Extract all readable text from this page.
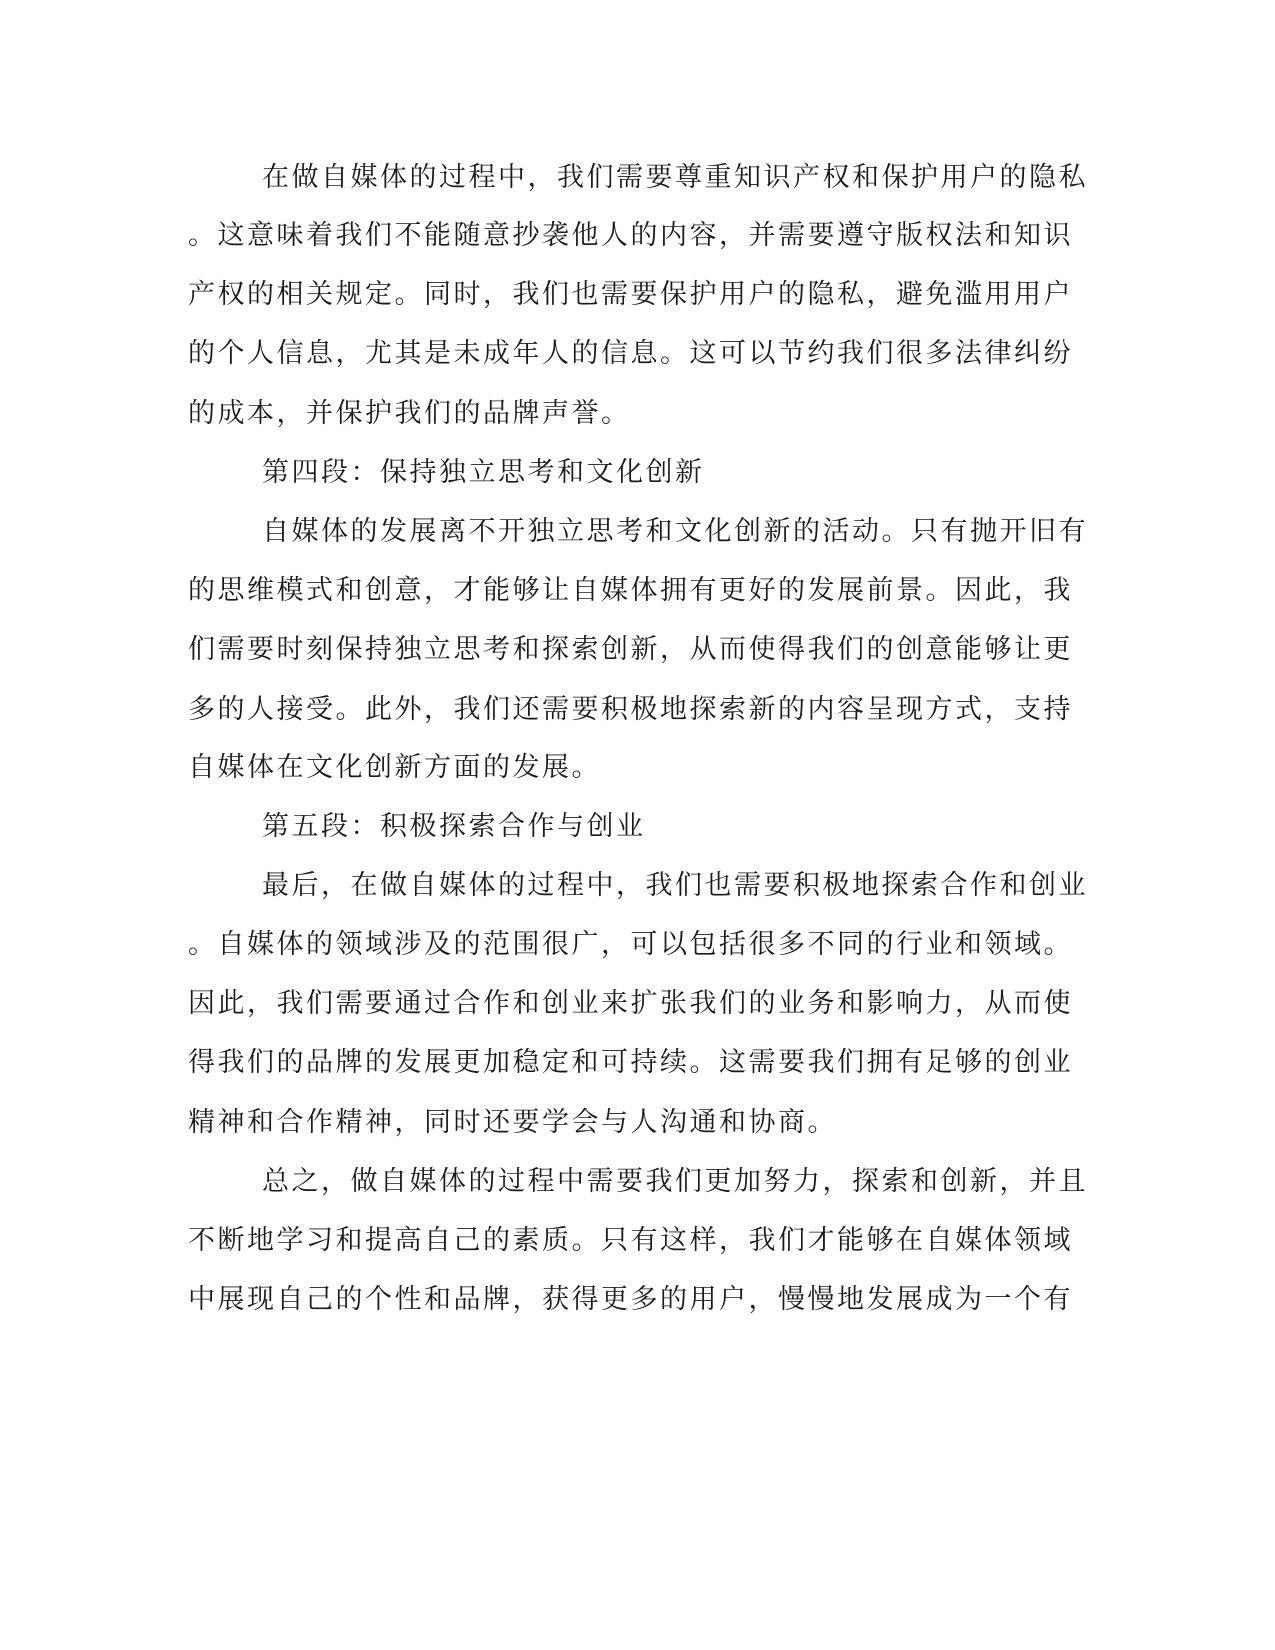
在做自媒体的过程中，我们需要尊重知识产权和保护用户的隐私
。这意味着我们不能随意抄袭他人的内容，并需要遵守版权法和知识
产权的相关规定。同时，我们也需要保护用户的隐私，避免滥用用户
的个人信息，尤其是未成年人的信息。这可以节约我们很多法律纠纷
的成本，并保护我们的品牌声誉。
第四段：保持独立思考和文化创新
自媒体的发展离不开独立思考和文化创新的活动。只有抛开旧有
的思维模式和创意，才能够让自媒体拥有更好的发展前景。因此，我
们需要时刻保持独立思考和探索创新，从而使得我们的创意能够让更
多的人接受。此外，我们还需要积极地探索新的内容呈现方式，支持
自媒体在文化创新方面的发展。
第五段：积极探索合作与创业
最后，在做自媒体的过程中，我们也需要积极地探索合作和创业
。自媒体的领域涉及的范围很广，可以包括很多不同的行业和领域。
因此，我们需要通过合作和创业来扩张我们的业务和影响力，从而使
得我们的品牌的发展更加稳定和可持续。这需要我们拥有足够的创业
精神和合作精神，同时还要学会与人沟通和协商。
总之，做自媒体的过程中需要我们更加努力，探索和创新，并且
不断地学习和提高自己的素质。只有这样，我们才能够在自媒体领域
中展现自己的个性和品牌，获得更多的用户，慢慢地发展成为一个有
